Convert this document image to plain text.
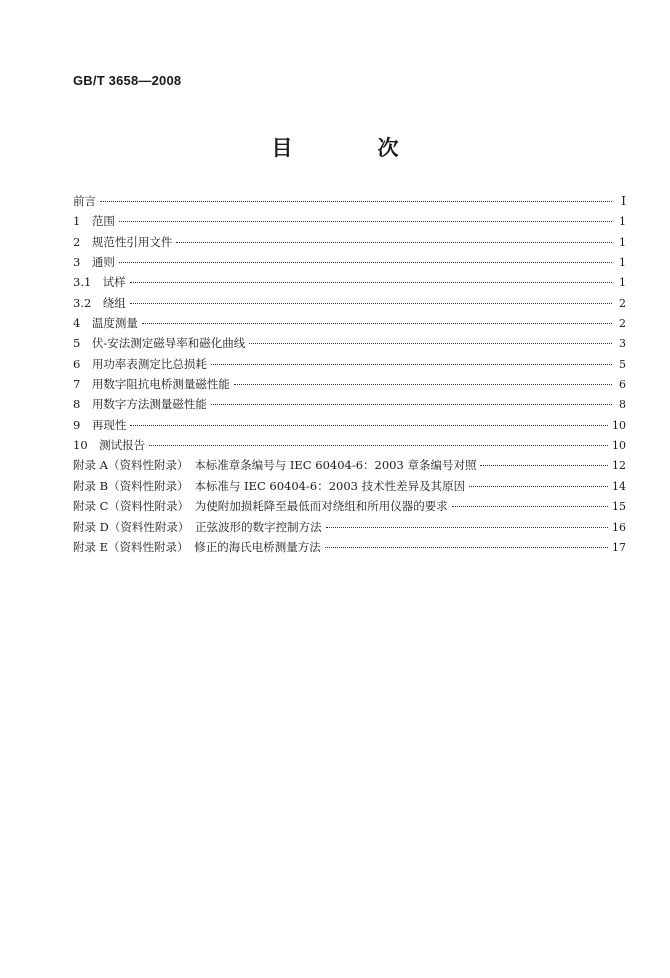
GB/T 3658—2008
目　次
前言	Ⅰ
1　范围	1
2　规范性引用文件	1
3　通则	1
3.1　试样	1
3.2　绕组	2
4　温度测量	2
5　伏-安法测定磁导率和磁化曲线	3
6　用功率表测定比总损耗	5
7　用数字阻抗电桥测量磁性能	6
8　用数字方法测量磁性能	8
9　再现性	10
10　测试报告	10
附录 A（资料性附录）　本标准章条编号与 IEC 60404-6：2003 章条编号对照	12
附录 B（资料性附录）　本标准与 IEC 60404-6：2003 技术性差异及其原因	14
附录 C（资料性附录）　为使附加损耗降至最低而对绕组和所用仪器的要求	15
附录 D（资料性附录）　正弦波形的数字控制方法	16
附录 E（资料性附录）　修正的海氏电桥测量方法	17
